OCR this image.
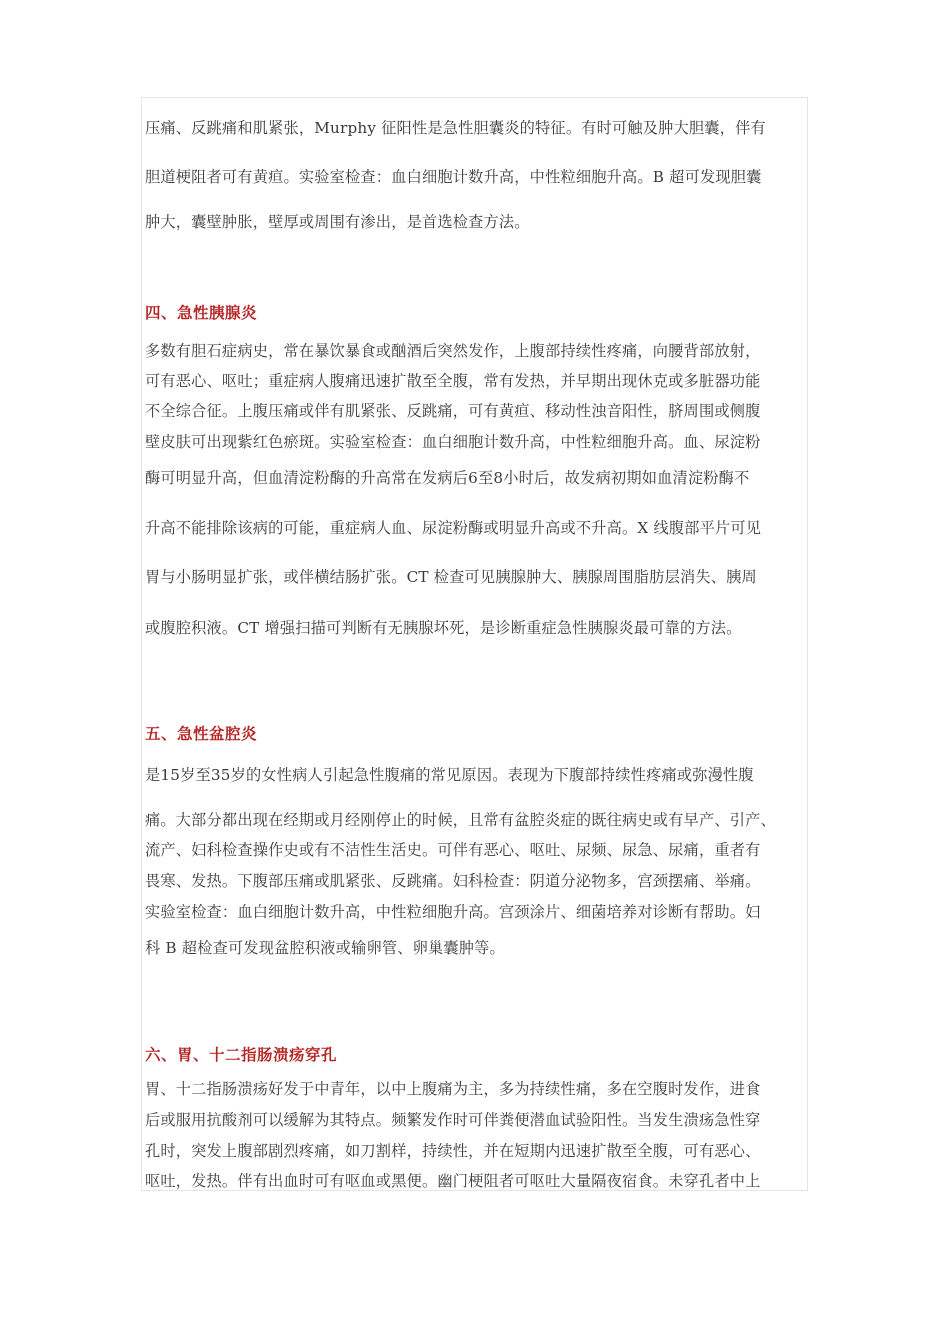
压痛、反跳痛和肌紧张，Murphy 征阳性是急性胆囊炎的特征。有时可触及肿大胆囊，伴有
胆道梗阻者可有黄疸。实验室检查：血白细胞计数升高，中性粒细胞升高。B 超可发现胆囊
肿大，囊壁肿胀，壁厚或周围有渗出，是首选检查方法。
四、急性胰腺炎
多数有胆石症病史，常在暴饮暴食或酗酒后突然发作，上腹部持续性疼痛，向腰背部放射，
可有恶心、呕吐；重症病人腹痛迅速扩散至全腹，常有发热，并早期出现休克或多脏器功能
不全综合征。上腹压痛或伴有肌紧张、反跳痛，可有黄疸、移动性浊音阳性，脐周围或侧腹
壁皮肤可出现紫红色瘀斑。实验室检查：血白细胞计数升高，中性粒细胞升高。血、尿淀粉
酶可明显升高，但血清淀粉酶的升高常在发病后6至8小时后，故发病初期如血清淀粉酶不
升高不能排除该病的可能，重症病人血、尿淀粉酶或明显升高或不升高。X 线腹部平片可见
胃与小肠明显扩张，或伴横结肠扩张。CT 检查可见胰腺肿大、胰腺周围脂肪层消失、胰周
或腹腔积液。CT 增强扫描可判断有无胰腺坏死，是诊断重症急性胰腺炎最可靠的方法。
五、急性盆腔炎
是15岁至35岁的女性病人引起急性腹痛的常见原因。表现为下腹部持续性疼痛或弥漫性腹
痛。大部分都出现在经期或月经刚停止的时候，且常有盆腔炎症的既往病史或有早产、引产、
流产、妇科检查操作史或有不洁性生活史。可伴有恶心、呕吐、尿频、尿急、尿痛，重者有
畏寒、发热。下腹部压痛或肌紧张、反跳痛。妇科检查：阴道分泌物多，宫颈摆痛、举痛。
实验室检查：血白细胞计数升高，中性粒细胞升高。宫颈涂片、细菌培养对诊断有帮助。妇
科 B 超检查可发现盆腔积液或输卵管、卵巢囊肿等。
六、胃、十二指肠溃疡穿孔
胃、十二指肠溃疡好发于中青年，以中上腹痛为主，多为持续性痛，多在空腹时发作，进食
后或服用抗酸剂可以缓解为其特点。频繁发作时可伴粪便潜血试验阳性。当发生溃疡急性穿
孔时，突发上腹部剧烈疼痛，如刀割样，持续性，并在短期内迅速扩散至全腹，可有恶心、
呕吐，发热。伴有出血时可有呕血或黑便。幽门梗阻者可呕吐大量隔夜宿食。未穿孔者中上
